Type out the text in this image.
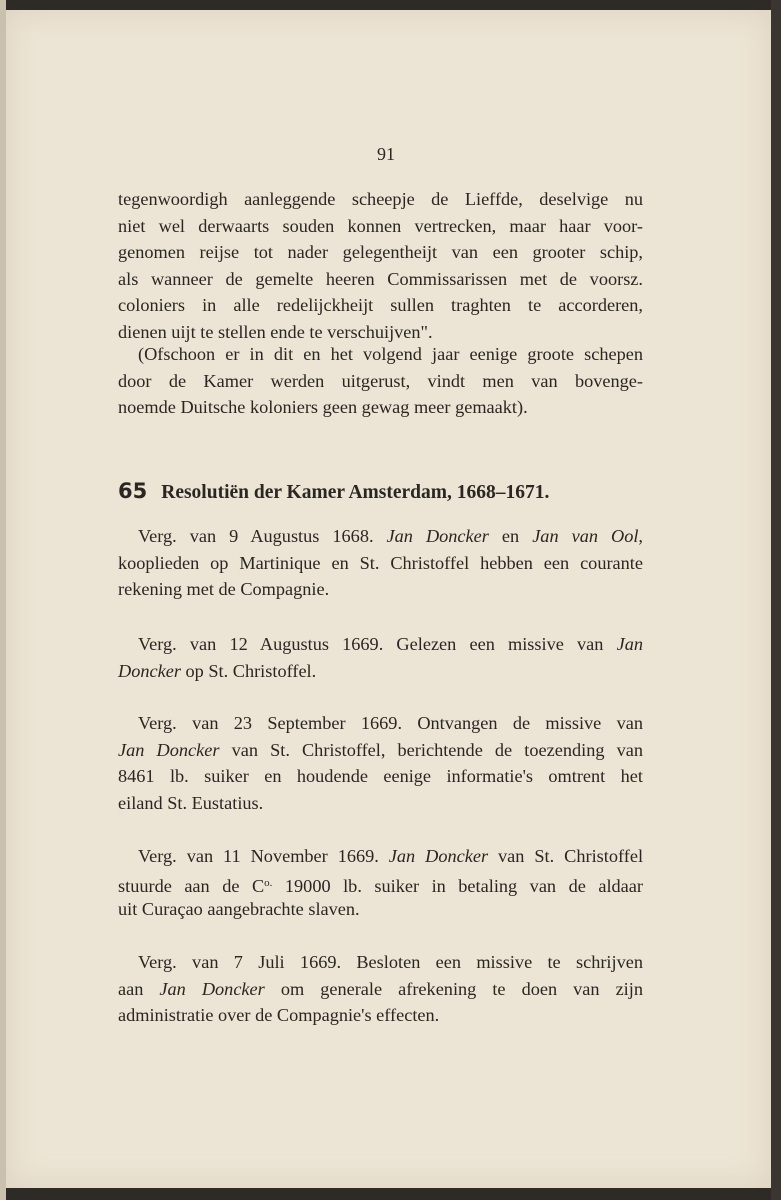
91
tegenwoordigh aanleggende scheepje de Lieffde, deselvige nu
niet wel derwaarts souden konnen vertrecken, maar haar voor-
genomen reijse tot nader gelegentheijt van een grooter schip,
als wanneer de gemelte heeren Commissarissen met de voorsz.
coloniers in alle redelijckheijt sullen traghten te accorderen,
dienen uijt te stellen ende te verschuijven".
(Ofschoon er in dit en het volgend jaar eenige groote schepen
door de Kamer werden uitgerust, vindt men van bovenge-
noemde Duitsche koloniers geen gewag meer gemaakt).
65 Resolutiën der Kamer Amsterdam, 1668–1671.
Verg. van 9 Augustus 1668. Jan Doncker en Jan van Ool,
kooplieden op Martinique en St. Christoffel hebben een courante
rekening met de Compagnie.
Verg. van 12 Augustus 1669. Gelezen een missive van Jan
Doncker op St. Christoffel.
Verg. van 23 September 1669. Ontvangen de missive van
Jan Doncker van St. Christoffel, berichtende de toezending van
8461 lb. suiker en houdende eenige informatie's omtrent het
eiland St. Eustatius.
Verg. van 11 November 1669. Jan Doncker van St. Christoffel
stuurde aan de $C^{o.}$ 19000 lb. suiker in betaling van de aldaar
uit Curaçao aangebrachte slaven.
Verg. van 7 Juli 1669. Besloten een missive te schrijven
aan Jan Doncker om generale afrekening te doen van zijn
administratie over de Compagnie's effecten.
